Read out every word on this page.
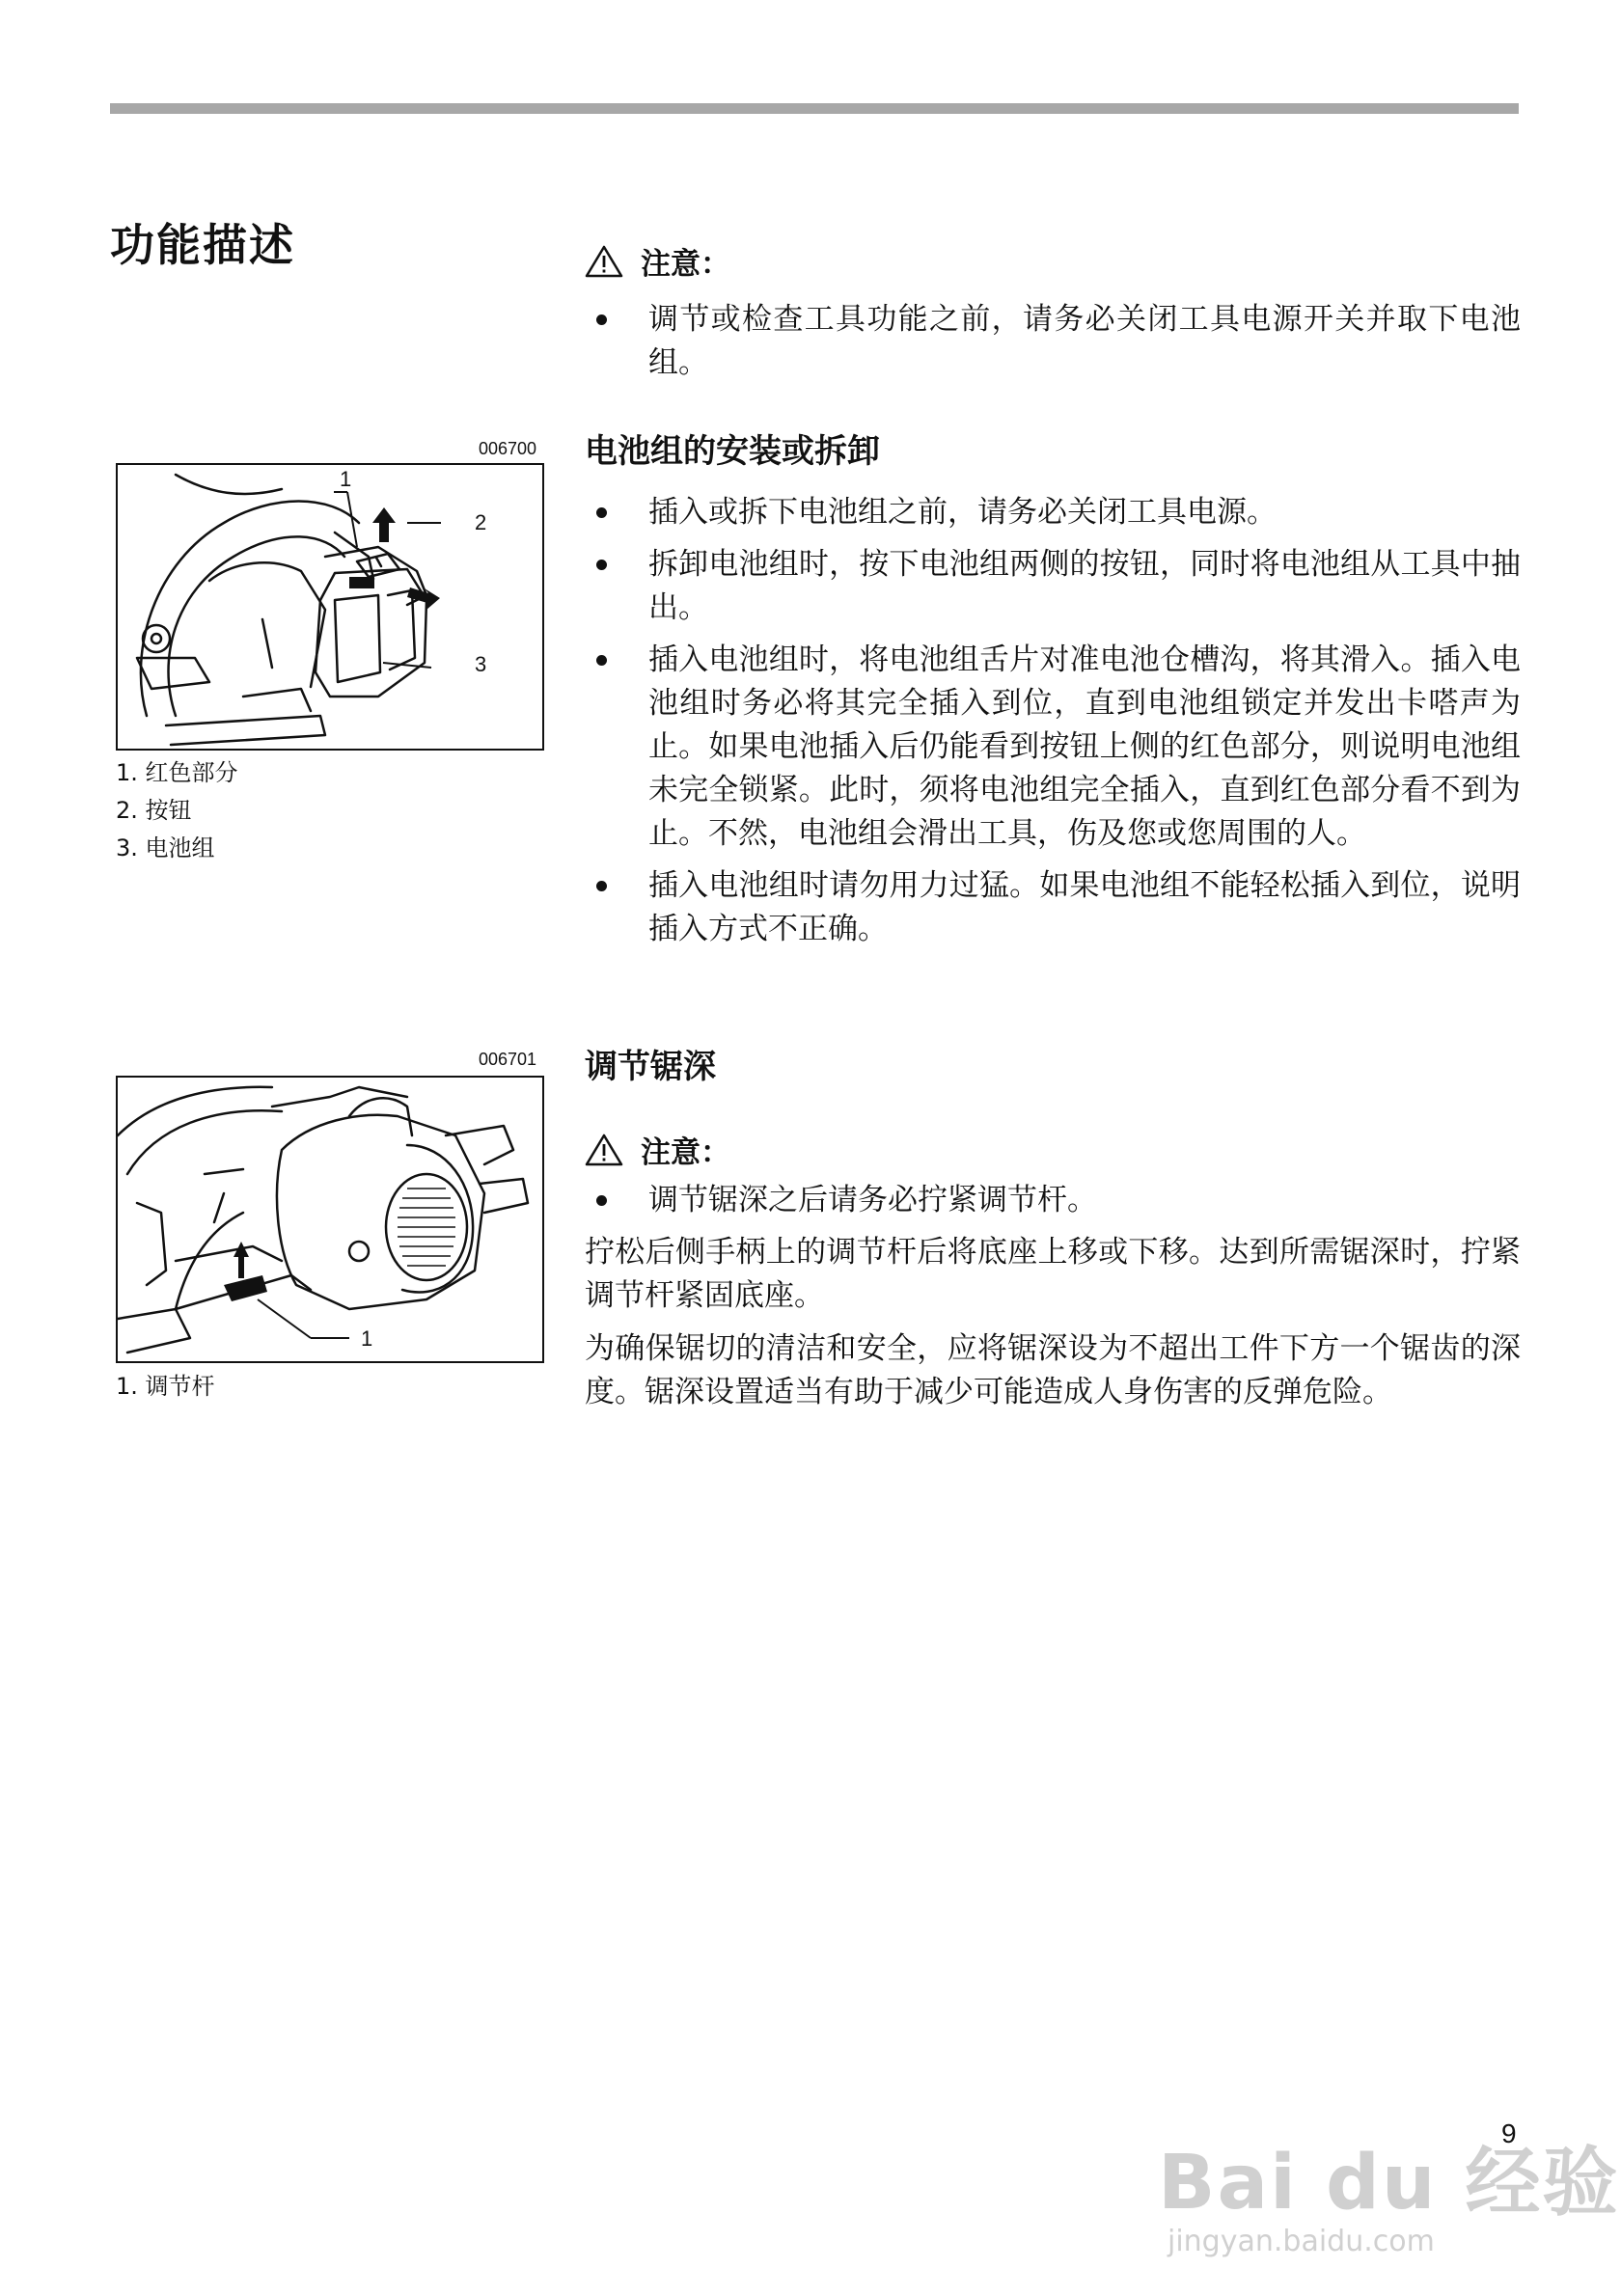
功能描述	注意：
调节或检查工具功能之前，请务必关闭工具电源开关并取下电池组。
电池组的安装或拆卸
插入或拆下电池组之前，请务必关闭工具电源。
拆卸电池组时，按下电池组两侧的按钮，同时将电池组从工具中抽出。
插入电池组时，将电池组舌片对准电池仓槽沟，将其滑入。插入电池组时务必将其完全插入到位，直到电池组锁定并发出卡嗒声为止。如果电池插入后仍能看到按钮上侧的红色部分，则说明电池组未完全锁紧。此时，须将电池组完全插入，直到红色部分看不到为止。不然，电池组会滑出工具，伤及您或您周围的人。
插入电池组时请勿用力过猛。如果电池组不能轻松插入到位，说明插入方式不正确。
调节锯深
注意：
调节锯深之后请务必拧紧调节杆。

拧松后侧手柄上的调节杆后将底座上移或下移。达到所需锯深时，拧紧调节杆紧固底座。

为确保锯切的清洁和安全，应将锯深设为不超出工件下方一个锯齿的深度。锯深设置适当有助于减少可能造成人身伤害的反弹危险。

006700
1
2
3
1. 红色部分
2. 按钮
3. 电池组
006701
1
1. 调节杆
Bai du 经验
jingyan.baidu.com
9
